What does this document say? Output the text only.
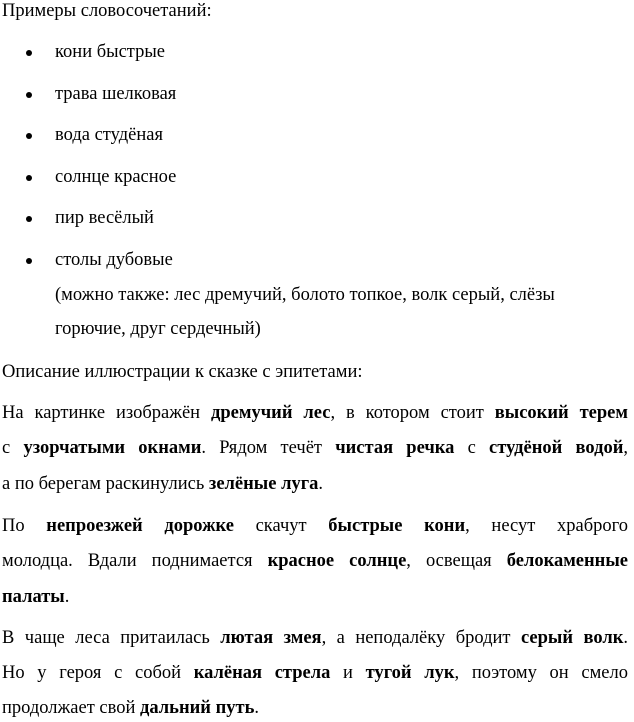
Примеры словосочетаний:
кони быстрые
трава шелковая
вода студёная
солнце красное
пир весёлый
столы дубовые
(можно также: лес дремучий, болото топкое, волк серый, слёзы
горючие, друг сердечный)
Описание иллюстрации к сказке с эпитетами:
На картинке изображён дремучий лес, в котором стоит высокий терем
с узорчатыми окнами. Рядом течёт чистая речка с студёной водой,
а по берегам раскинулись зелёные луга.
По непроезжей дорожке скачут быстрые кони, несут храброго
молодца. Вдали поднимается красное солнце, освещая белокаменные
палаты.
В чаще леса притаилась лютая змея, а неподалёку бродит серый волк.
Но у героя с собой калёная стрела и тугой лук, поэтому он смело
продолжает свой дальний путь.
